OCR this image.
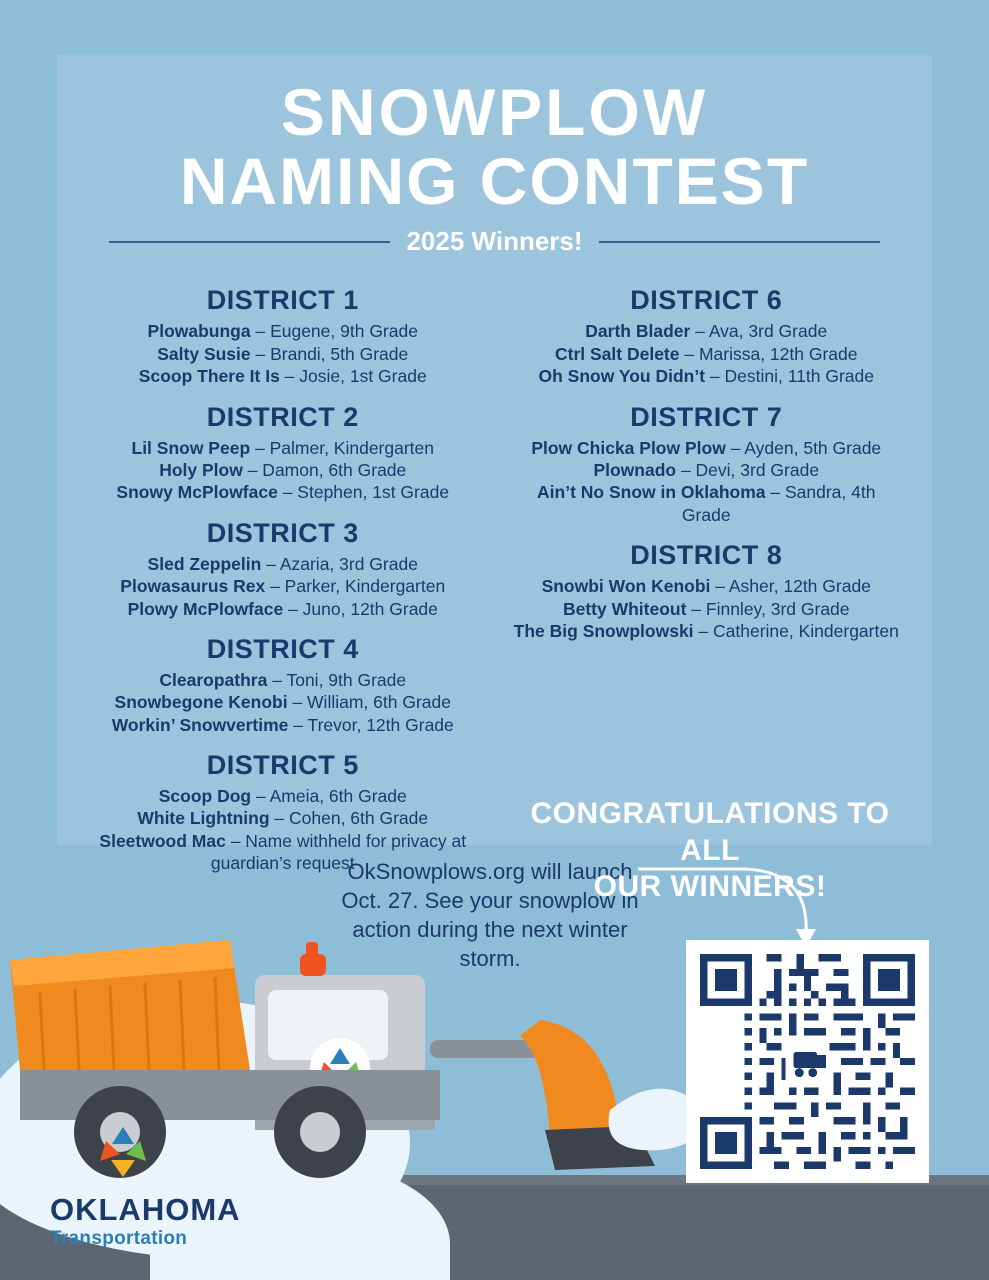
SNOWPLOW
NAMING CONTEST
2025 Winners!
DISTRICT 1
Plowabunga – Eugene, 9th Grade
Salty Susie – Brandi, 5th Grade
Scoop There It Is – Josie, 1st Grade
DISTRICT 2
Lil Snow Peep – Palmer, Kindergarten
Holy Plow – Damon, 6th Grade
Snowy McPlowface – Stephen, 1st Grade
DISTRICT 3
Sled Zeppelin – Azaria, 3rd Grade
Plowasaurus Rex – Parker, Kindergarten
Plowy McPlowface – Juno, 12th Grade
DISTRICT 4
Clearopathra – Toni, 9th Grade
Snowbegone Kenobi – William, 6th Grade
Workin’ Snowvertime – Trevor, 12th Grade
DISTRICT 5
Scoop Dog – Ameia, 6th Grade
White Lightning – Cohen, 6th Grade
Sleetwood Mac – Name withheld for privacy at guardian’s request
DISTRICT 6
Darth Blader – Ava, 3rd Grade
Ctrl Salt Delete – Marissa, 12th Grade
Oh Snow You Didn’t – Destini, 11th Grade
DISTRICT 7
Plow Chicka Plow Plow – Ayden, 5th Grade
Plownado – Devi, 3rd Grade
Ain’t No Snow in Oklahoma – Sandra, 4th Grade
DISTRICT 8
Snowbi Won Kenobi – Asher, 12th Grade
Betty Whiteout – Finnley, 3rd Grade
The Big Snowplowski – Catherine, Kindergarten
OkSnowplows.org will launch Oct. 27. See your snowplow in action during the next winter storm.
OKLAHOMA
Transportation
CONGRATULATIONS TO ALL
OUR WINNERS!
